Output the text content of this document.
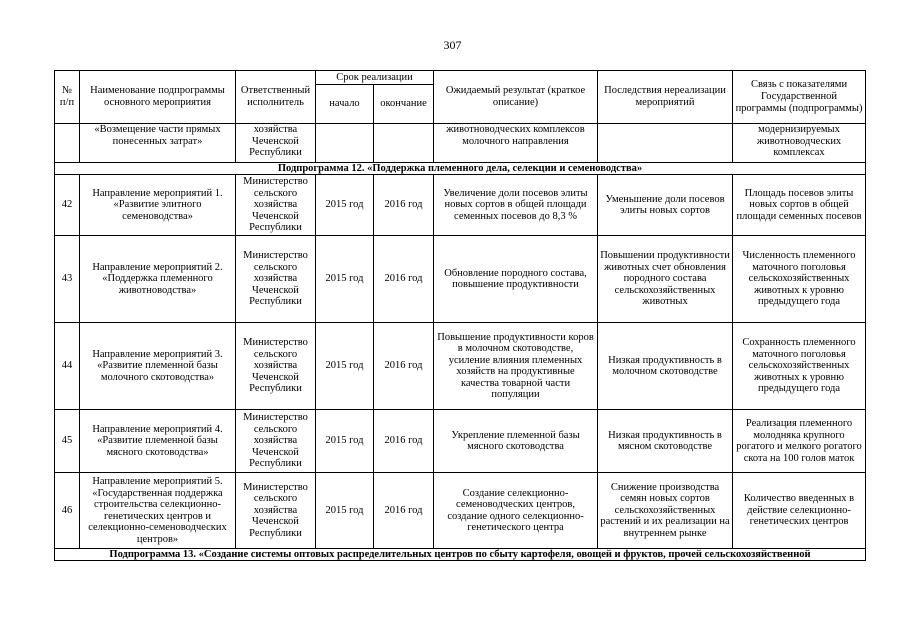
307
№ п/п	Наименование подпрограммы основного мероприятия	Ответственный исполнитель	Срок реализации		Ожидаемый результат (краткое описание)	Последствия нереализации мероприятий	Связь с показателями Государственной программы (подпрограммы)
			начало	окончание			
	«Возмещение части прямых понесенных затрат»	хозяйства Чеченской Республики			животноводческих комплексов молочного направления		модернизируемых животноводческих комплексах
Подпрограмма 12. «Поддержка племенного дела, селекции и семеноводства»							
42	Направление мероприятий 1. «Развитие элитного семеноводства»	Министерство сельского хозяйства Чеченской Республики	2015 год	2016 год	Увеличение доли посевов элиты новых сортов в общей площади семенных посевов до 8,3 %	Уменьшение доли посевов элиты новых сортов	Площадь посевов элиты новых сортов в общей площади семенных посевов
43	Направление мероприятий 2. «Поддержка племенного животноводства»	Министерство сельского хозяйства Чеченской Республики	2015 год	2016 год	Обновление породного состава, повышение продуктивности	Повышении продуктивности животных счет обновления породного состава сельскохозяйственных животных	Численность племенного маточного поголовья сельскохозяйственных животных к уровню предыдущего года
44	Направление мероприятий 3. «Развитие племенной базы молочного скотоводства»	Министерство сельского хозяйства Чеченской Республики	2015 год	2016 год	Повышение продуктивности коров в молочном скотоводстве, усиление влияния племенных хозяйств на продуктивные качества товарной части популяции	Низкая продуктивность в молочном скотоводстве	Сохранность племенного маточного поголовья сельскохозяйственных животных к уровню предыдущего года
45	Направление мероприятий 4. «Развитие племенной базы мясного скотоводства»	Министерство сельского хозяйства Чеченской Республики	2015 год	2016 год	Укрепление племенной базы мясного скотоводства	Низкая продуктивность в мясном скотоводстве	Реализация племенного молодняка крупного рогатого и мелкого рогатого скота на 100 голов маток
46	Направление мероприятий 5. «Государственная поддержка строительства селекционно-генетических центров и селекционно-семеноводческих центров»	Министерство сельского хозяйства Чеченской Республики	2015 год	2016 год	Создание селекционно-семеноводческих центров, создание одного селекционно- генетического центра	Снижение производства семян новых сортов сельскохозяйственных растений и их реализации на внутреннем рынке	Количество введенных в действие селекционно-генетических центров
Подпрограмма 13. «Создание системы оптовых распределительных центров по сбыту картофеля, овощей и фруктов, прочей сельскохозяйственной							
